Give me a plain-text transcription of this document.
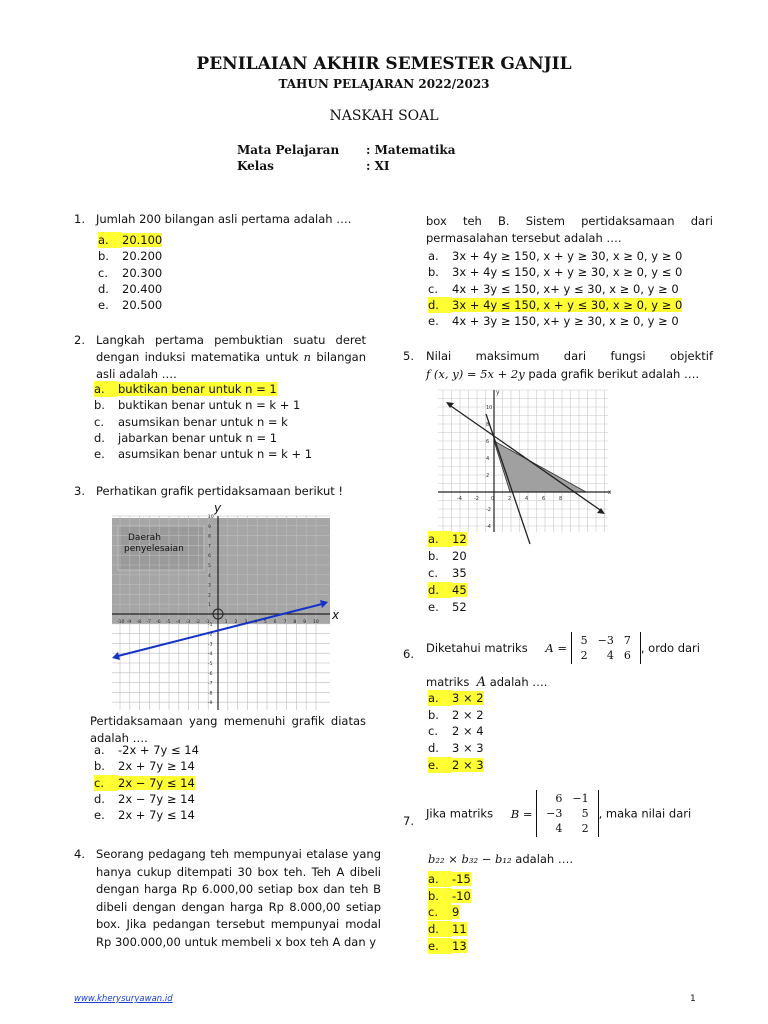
PENILAIAN AKHIR SEMESTER GANJIL
TAHUN PELAJARAN 2022/2023
NASKAH SOAL
Mata Pelajaran : Matematika
Kelas	: XI
1. Jumlah 200 bilangan asli pertama adalah ….
a. 20.100
b. 20.200
c. 20.300
d. 20.400
e. 20.500
2. Langkah pertama pembuktian suatu deret dengan induksi matematika untuk n bilangan asli adalah ….
a. buktikan benar untuk n = 1
b. buktikan benar untuk n = k + 1
c. asumsikan benar untuk n = k
d. jabarkan benar untuk n = 1
e. asumsikan benar untuk n = k + 1
3. Perhatikan grafik pertidaksamaan berikut !
Daerah
penyelesaian
x
y
-10 -9 -8 -7 -6 -5 -4 -3 -2 -1	1 2 3 4 5 6 7 8 9 10
10
9
8
7
6
5
4
3
2
1
-1
-2
-3
-4
-5
-6
-7
-8
-9
Pertidaksamaan yang memenuhi grafik diatas adalah ….
a. -2x + 7y ≤ 14
b. 2x + 7y ≥ 14
c. 2x − 7y ≤ 14
d. 2x − 7y ≥ 14
e. 2x + 7y ≤ 14
4. Seorang pedagang teh mempunyai etalase yang hanya cukup ditempati 30 box teh. Teh A dibeli dengan harga Rp 6.000,00 setiap box dan teh B dibeli dengan dengan harga Rp 8.000,00 setiap box. Jika pedangan tersebut mempunyai modal Rp 300.000,00 untuk membeli x box teh A dan y
box teh B. Sistem pertidaksamaan dari permasalahan tersebut adalah ….
a. 3x + 4y ≥ 150, x + y ≥ 30, x ≥ 0, y ≥ 0
b. 3x + 4y ≤ 150, x + y ≥ 30, x ≥ 0, y ≤ 0
c. 4x + 3y ≤ 150, x+ y ≤ 30, x ≥ 0, y ≥ 0
d. 3x + 4y ≤ 150, x + y ≤ 30, x ≥ 0, y ≥ 0
e. 4x + 3y ≥ 150, x+ y ≥ 30, x ≥ 0, y ≥ 0
5. Nilai maksimum dari fungsi objektif
f (x, y) = 5x + 2y pada grafik berikut adalah ….
x
y
-4 -2 0	2	4	6	8
10
8
6
4
2
-2
-4
a. 12
b. 20
c. 35
d. 45
e. 52
6. Diketahui matriks A =
5	−3	7
2	4	6
, ordo dari
matriks A adalah ….
a. 3 × 2
b. 2 × 2
c. 2 × 4
d. 3 × 3
e. 2 × 3
7.
Jika matriks B =
6	−1
−3	5
4	2
, maka nilai dari
b₂₂ × b₃₂ − b₁₂ adalah ….
a. -15
b. -10
c. 9
d. 11
e. 13
www.kherysuryawan.id	1
